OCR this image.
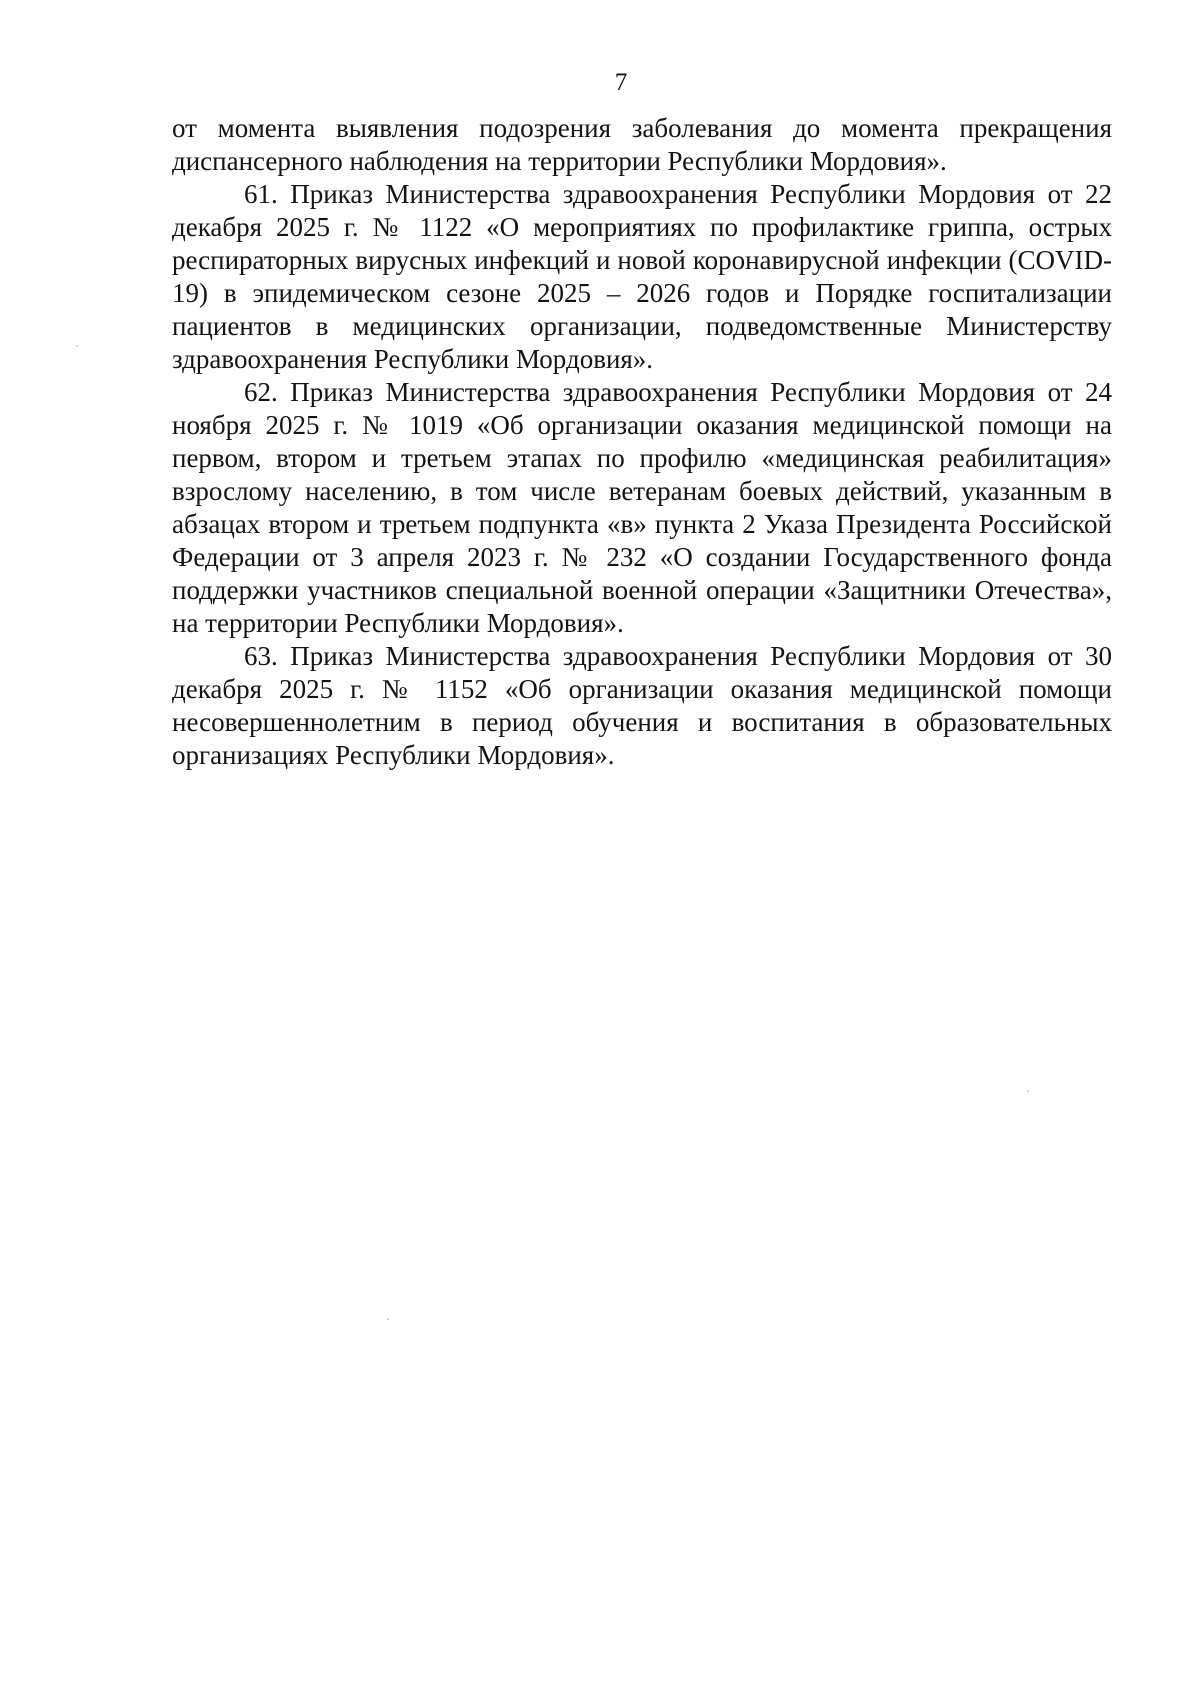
7

от момента выявления подозрения заболевания до момента прекращения диспансерного наблюдения на территории Республики Мордовия».

61. Приказ Министерства здравоохранения Республики Мордовия от 22 декабря 2025 г. № 1122 «О мероприятиях по профилактике гриппа, острых респираторных вирусных инфекций и новой коронавирусной инфекции (COVID-19) в эпидемическом сезоне 2025 – 2026 годов и Порядке госпитализации пациентов в медицинских организации, подведомственные Министерству здравоохранения Республики Мордовия».

62. Приказ Министерства здравоохранения Республики Мордовия от 24 ноября 2025 г. № 1019 «Об организации оказания медицинской помощи на первом, втором и третьем этапах по профилю «медицинская реабилитация» взрослому населению, в том числе ветеранам боевых действий, указанным в абзацах втором и третьем подпункта «в» пункта 2 Указа Президента Российской Федерации от 3 апреля 2023 г. № 232 «О создании Государственного фонда поддержки участников специальной военной операции «Защитники Отечества», на территории Республики Мордовия».

63. Приказ Министерства здравоохранения Республики Мордовия от 30 декабря 2025 г. № 1152 «Об организации оказания медицинской помощи несовершеннолетним в период обучения и воспитания в образовательных организациях Республики Мордовия».
